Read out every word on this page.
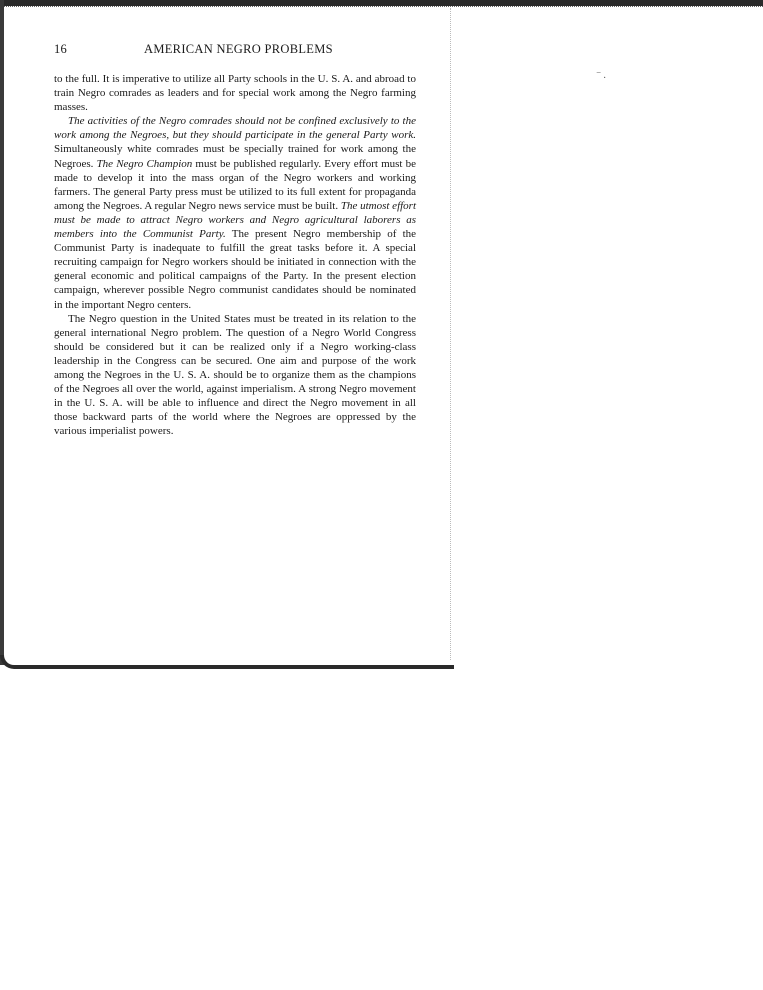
⁻ ·
16	AMERICAN NEGRO PROBLEMS

to the full. It is imperative to utilize all Party schools in the U. S. A. and abroad to train Negro comrades as leaders and for special work among the Negro farming masses.

The activities of the Negro comrades should not be confined exclusively to the work among the Negroes, but they should participate in the general Party work. Simultaneously white comrades must be specially trained for work among the Negroes. The Negro Champion must be published regularly. Every effort must be made to develop it into the mass organ of the Negro workers and working farmers. The general Party press must be utilized to its full extent for propaganda among the Negroes. A regular Negro news service must be built. The utmost effort must be made to attract Negro workers and Negro agricultural laborers as members into the Communist Party. The present Negro membership of the Communist Party is inadequate to fulfill the great tasks before it. A special recruiting campaign for Negro workers should be initiated in connection with the general economic and political campaigns of the Party. In the present election campaign, wherever possible Negro communist candidates should be nominated in the important Negro centers.

The Negro question in the United States must be treated in its relation to the general international Negro problem. The question of a Negro World Congress should be considered but it can be realized only if a Negro working-class leadership in the Congress can be secured. One aim and purpose of the work among the Negroes in the U. S. A. should be to organize them as the champions of the Negroes all over the world, against imperialism. A strong Negro movement in the U. S. A. will be able to influence and direct the Negro movement in all those backward parts of the world where the Negroes are oppressed by the various imperialist powers.
